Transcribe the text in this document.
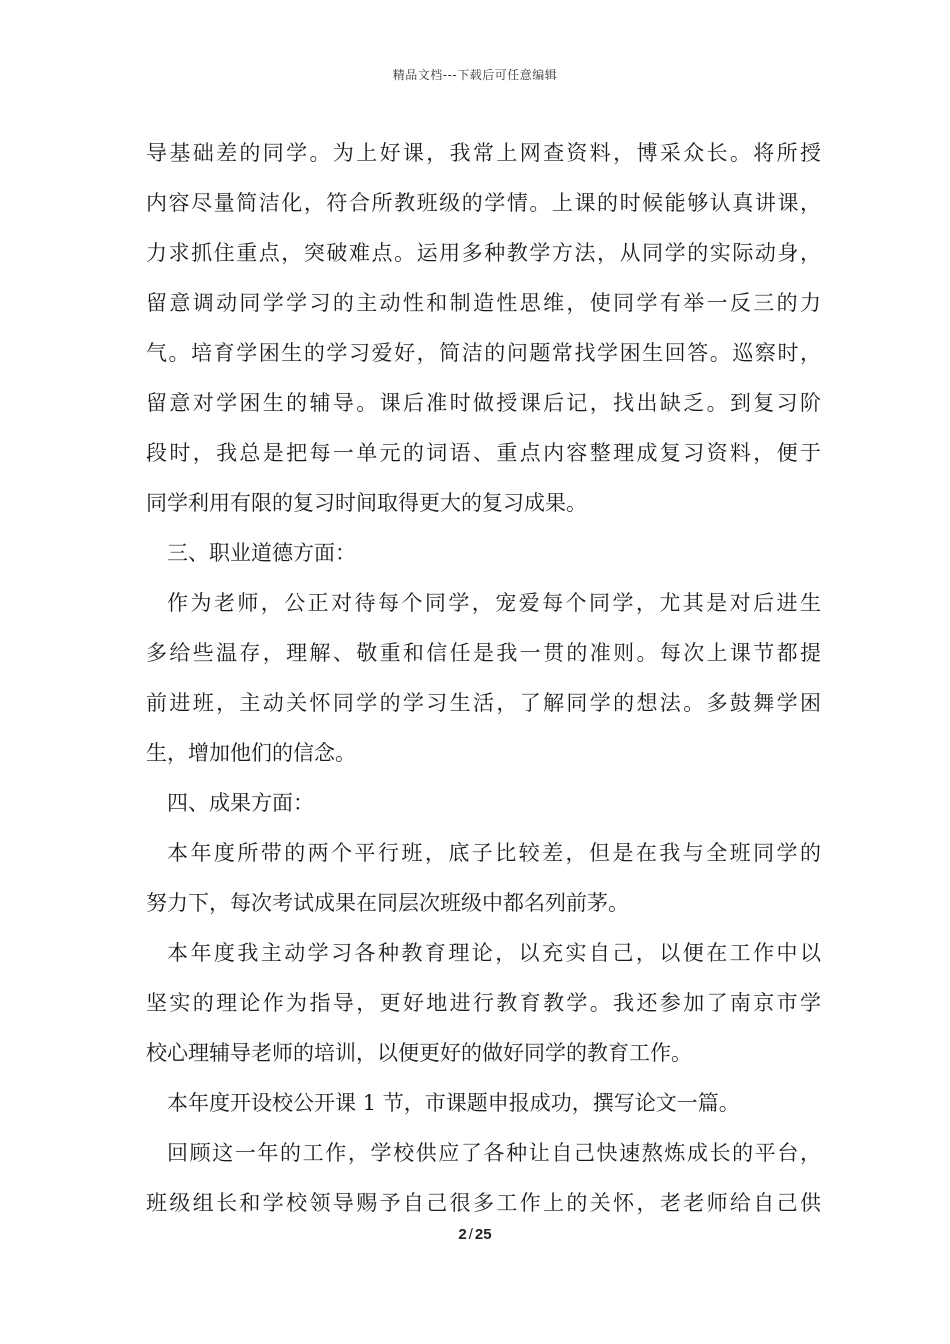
精品文档---下载后可任意编辑
导基础差的同学。为上好课，我常上网查资料，博采众长。将所授
内容尽量简洁化，符合所教班级的学情。上课的时候能够认真讲课，
力求抓住重点，突破难点。运用多种教学方法，从同学的实际动身，
留意调动同学学习的主动性和制造性思维，使同学有举一反三的力
气。培育学困生的学习爱好，简洁的问题常找学困生回答。巡察时，
留意对学困生的辅导。课后准时做授课后记，找出缺乏。到复习阶
段时，我总是把每一单元的词语、重点内容整理成复习资料，便于
同学利用有限的复习时间取得更大的复习成果。
三、职业道德方面：
作为老师，公正对待每个同学，宠爱每个同学，尤其是对后进生
多给些温存，理解、敬重和信任是我一贯的准则。每次上课节都提
前进班，主动关怀同学的学习生活，了解同学的想法。多鼓舞学困
生，增加他们的信念。
四、成果方面：
本年度所带的两个平行班，底子比较差，但是在我与全班同学的
努力下，每次考试成果在同层次班级中都名列前茅。
本年度我主动学习各种教育理论，以充实自己，以便在工作中以
坚实的理论作为指导，更好地进行教育教学。我还参加了南京市学
校心理辅导老师的培训，以便更好的做好同学的教育工作。
本年度开设校公开课 1 节，市课题申报成功，撰写论文一篇。
回顾这一年的工作，学校供应了各种让自己快速熬炼成长的平台，
班级组长和学校领导赐予自己很多工作上的关怀，老老师给自己供
2 / 25
